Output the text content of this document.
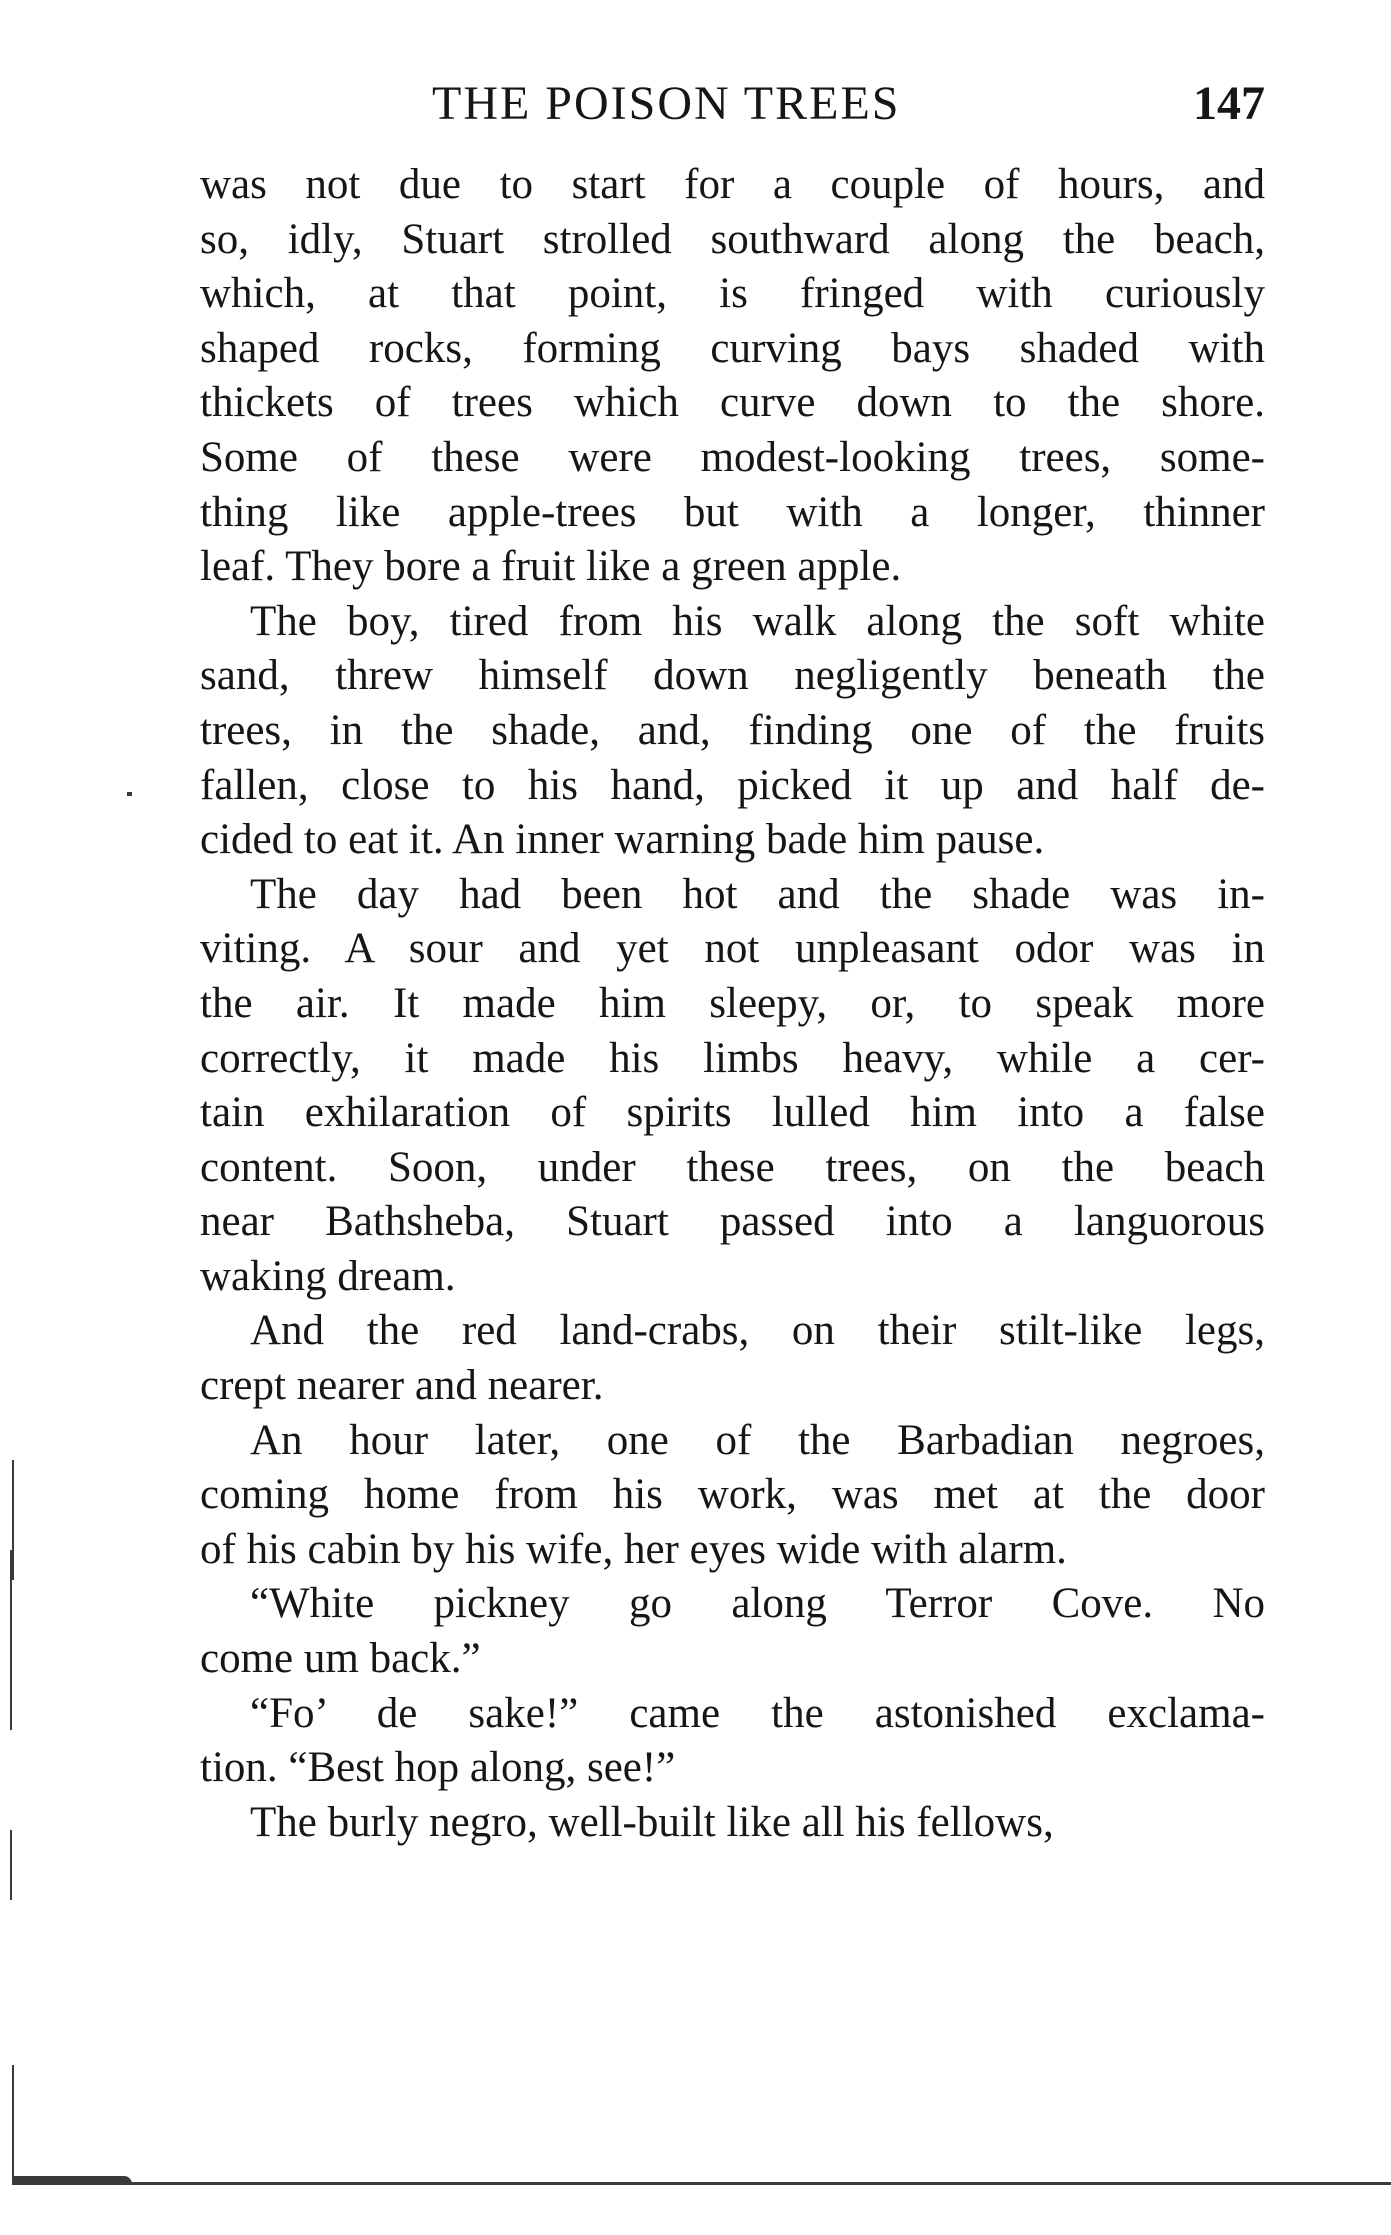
THE POISON TREES	147

was not due to start for a couple of hours, and
so, idly, Stuart strolled southward along the beach,
which, at that point, is fringed with curiously
shaped rocks, forming curving bays shaded with
thickets of trees which curve down to the shore.
Some of these were modest-looking trees, some-
thing like apple-trees but with a longer, thinner
leaf. They bore a fruit like a green apple.

The boy, tired from his walk along the soft white
sand, threw himself down negligently beneath the
trees, in the shade, and, finding one of the fruits
fallen, close to his hand, picked it up and half de-
cided to eat it. An inner warning bade him pause.

The day had been hot and the shade was in-
viting. A sour and yet not unpleasant odor was in
the air. It made him sleepy, or, to speak more
correctly, it made his limbs heavy, while a cer-
tain exhilaration of spirits lulled him into a false
content. Soon, under these trees, on the beach
near Bathsheba, Stuart passed into a languorous
waking dream.

And the red land-crabs, on their stilt-like legs,
crept nearer and nearer.

An hour later, one of the Barbadian negroes,
coming home from his work, was met at the door
of his cabin by his wife, her eyes wide with alarm.

“White pickney go along Terror Cove. No
come um back.”

“Fo’ de sake!” came the astonished exclama-
tion. “Best hop along, see!”

The burly negro, well-built like all his fellows,
